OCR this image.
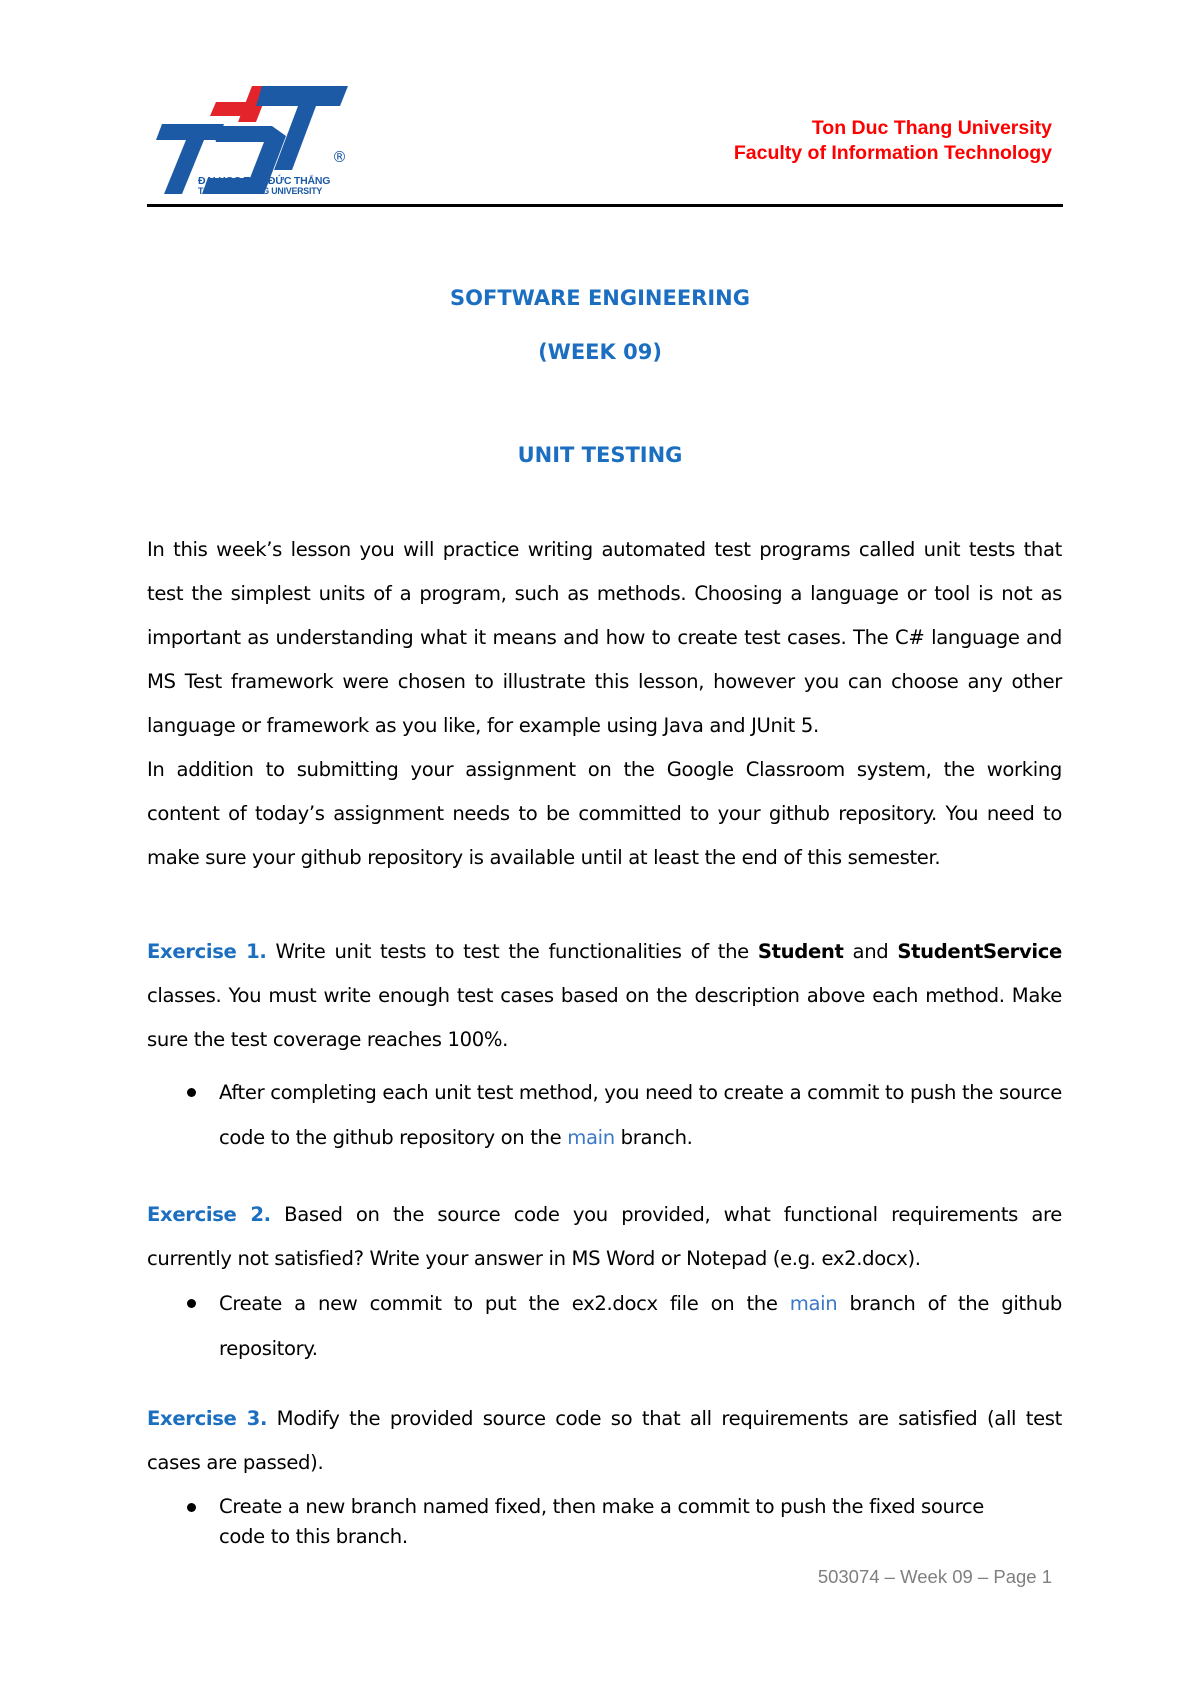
®
ĐẠI HỌC TÔN ĐỨC THẮNG
TON DUC THANG UNIVERSITY
Ton Duc Thang University
Faculty of Information Technology
SOFTWARE ENGINEERING
(WEEK 09)
UNIT TESTING

In this week’s lesson you will practice writing automated test programs called unit tests that test the simplest units of a program, such as methods. Choosing a language or tool is not as important as understanding what it means and how to create test cases. The C# language and MS Test framework were chosen to illustrate this lesson, however you can choose any other language or framework as you like, for example using Java and JUnit 5.

In addition to submitting your assignment on the Google Classroom system, the working content of today’s assignment needs to be committed to your github repository. You need to make sure your github repository is available until at least the end of this semester.

Exercise 1. Write unit tests to test the functionalities of the Student and StudentService classes. You must write enough test cases based on the description above each method. Make sure the test coverage reaches 100%.

After completing each unit test method, you need to create a commit to push the source code to the github repository on the main branch.

Exercise 2. Based on the source code you provided, what functional requirements are currently not satisfied? Write your answer in MS Word or Notepad (e.g. ex2.docx).

Create a new commit to put the ex2.docx file on the main branch of the github repository.

Exercise 3. Modify the provided source code so that all requirements are satisfied (all test cases are passed).

Create a new branch named fixed, then make a commit to push the fixed source code to this branch.
503074 – Week 09 – Page 1
